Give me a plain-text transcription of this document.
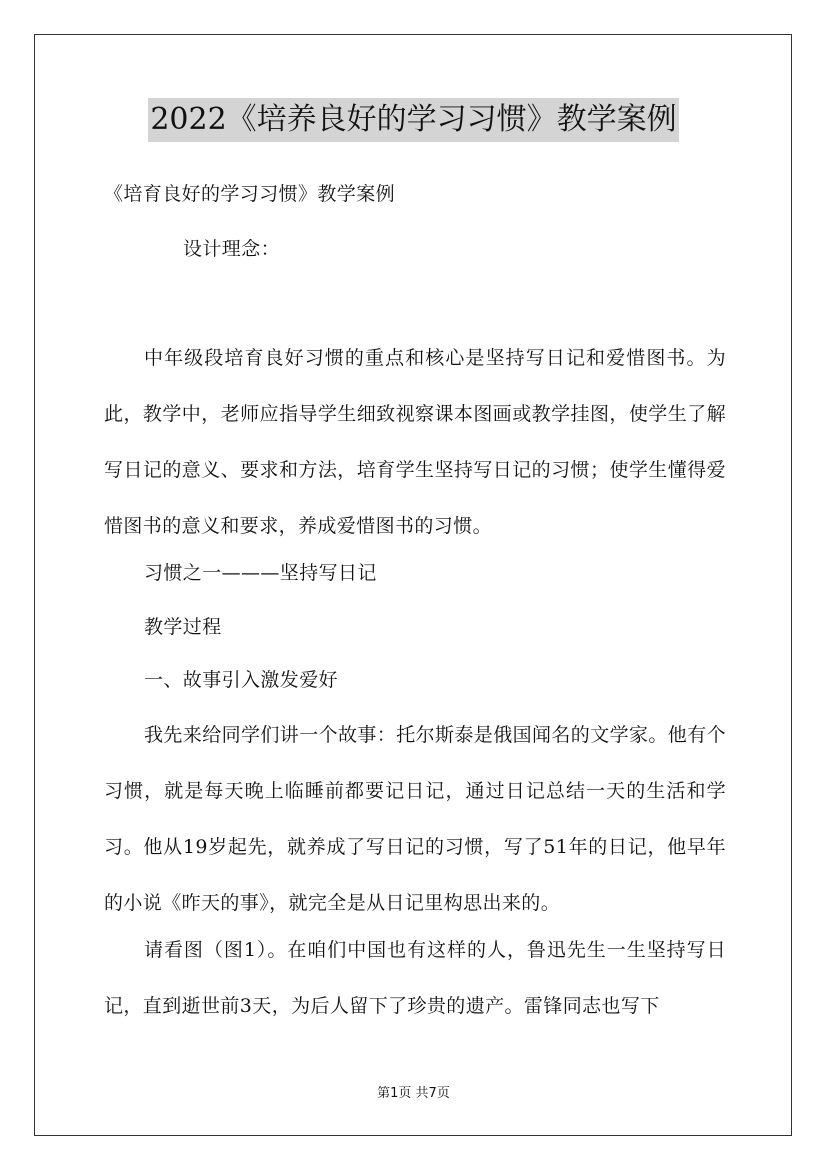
2022《培养良好的学习习惯》教学案例

《培育良好的学习习惯》教学案例

设计理念：

中年级段培育良好习惯的重点和核心是坚持写日记和爱惜图书。为此，教学中，老师应指导学生细致视察课本图画或教学挂图，使学生了解写日记的意义、要求和方法，培育学生坚持写日记的习惯；使学生懂得爱惜图书的意义和要求，养成爱惜图书的习惯。

习惯之一———坚持写日记

教学过程

一、故事引入激发爱好

我先来给同学们讲一个故事：托尔斯泰是俄国闻名的文学家。他有个习惯，就是每天晚上临睡前都要记日记，通过日记总结一天的生活和学习。他从19岁起先，就养成了写日记的习惯，写了51年的日记，他早年的小说《昨天的事》，就完全是从日记里构思出来的。

请看图（图1）。在咱们中国也有这样的人，鲁迅先生一生坚持写日记，直到逝世前3天，为后人留下了珍贵的遗产。雷锋同志也写下

第1页 共7页
